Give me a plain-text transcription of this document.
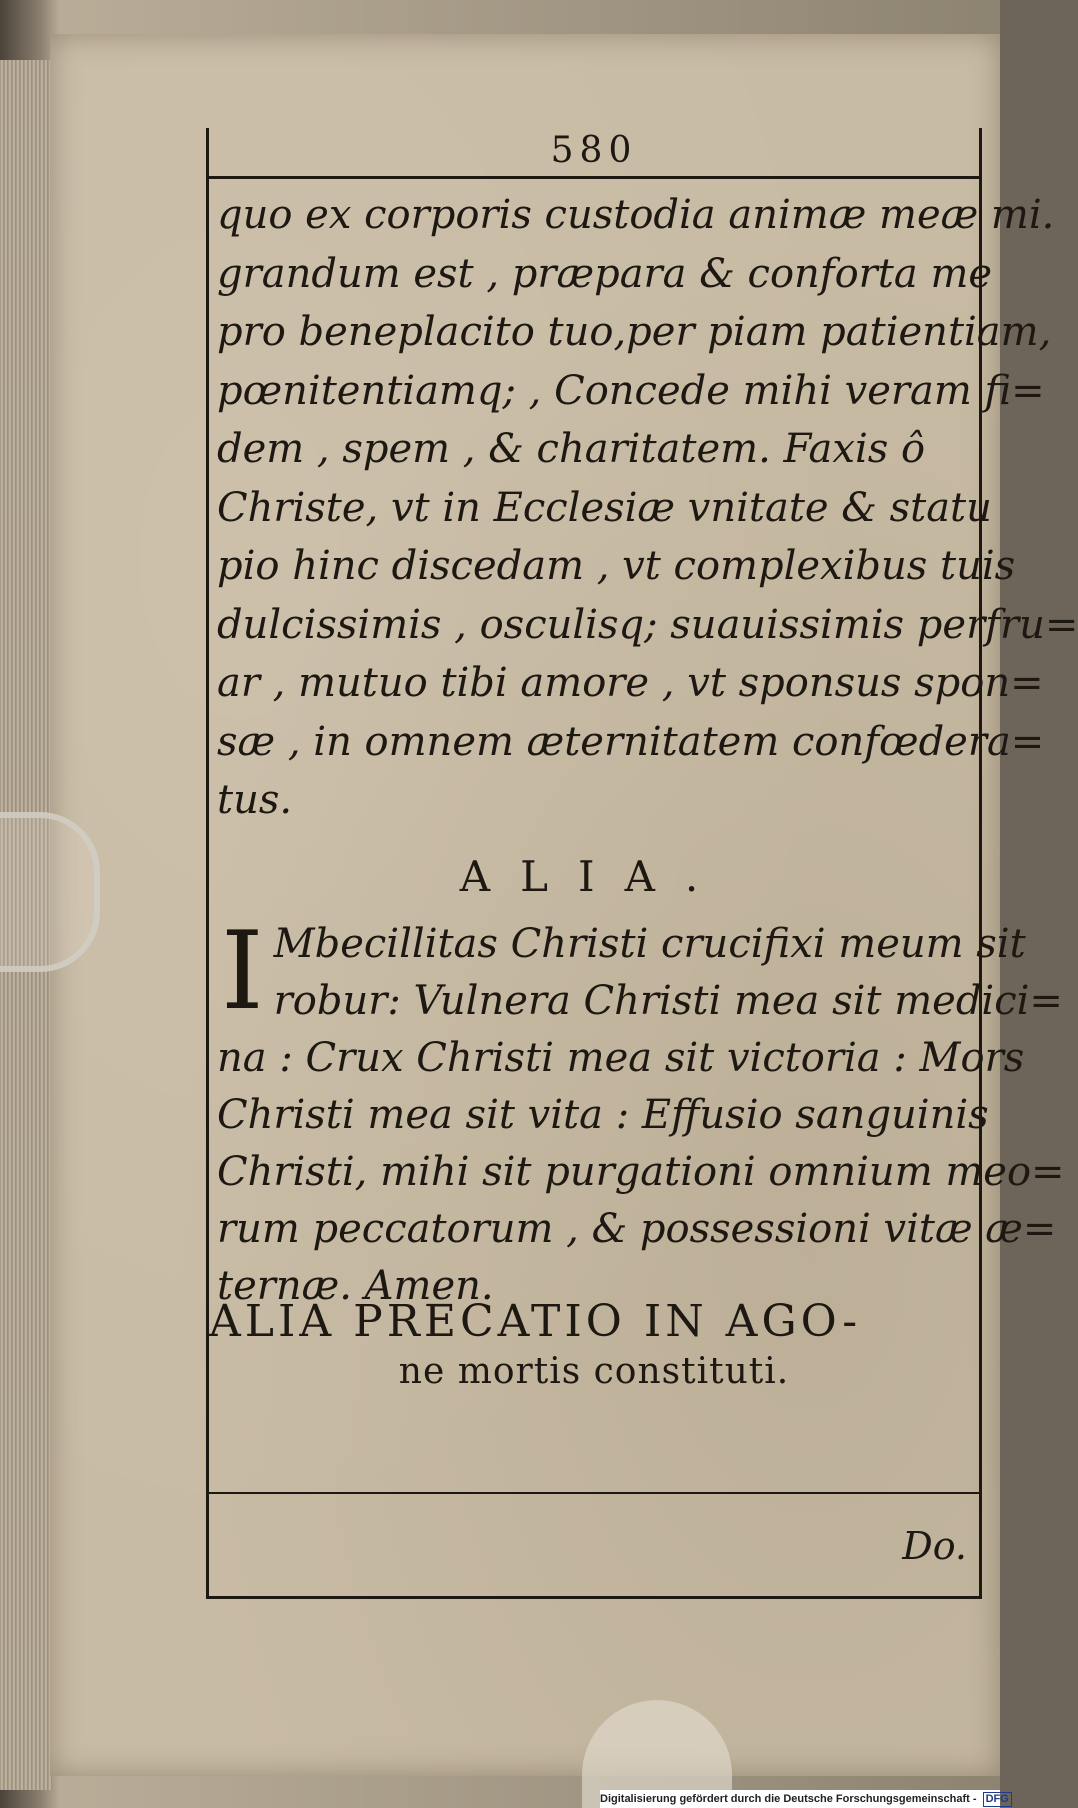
580
quo ex corporis custodia animæ meæ mi.
grandum est , præpara & conforta me
pro beneplacito tuo,per piam patientiam,
pœnitentiamq; , Concede mihi veram fi=
dem , spem , & charitatem. Faxis ô
Christe, vt in Ecclesiæ vnitate & statu
pio hinc discedam , vt complexibus tuis
dulcissimis , osculisq; suauissimis perfru=
ar , mutuo tibi amore , vt sponsus spon=
sæ , in omnem æternitatem confœdera=
tus.
ALIA.
I Mbecillitas Christi crucifixi meum sit
robur: Vulnera Christi mea sit medici=
na : Crux Christi mea sit victoria : Mors
Christi mea sit vita : Effusio sanguinis
Christi, mihi sit purgationi omnium meo=
rum peccatorum , & possessioni vitæ æ=
ternæ. Amen.
ALIA PRECATIO IN AGO-
ne mortis constituti.
Do.
Digitalisierung gefördert durch die Deutsche Forschungsgemeinschaft - DFG
